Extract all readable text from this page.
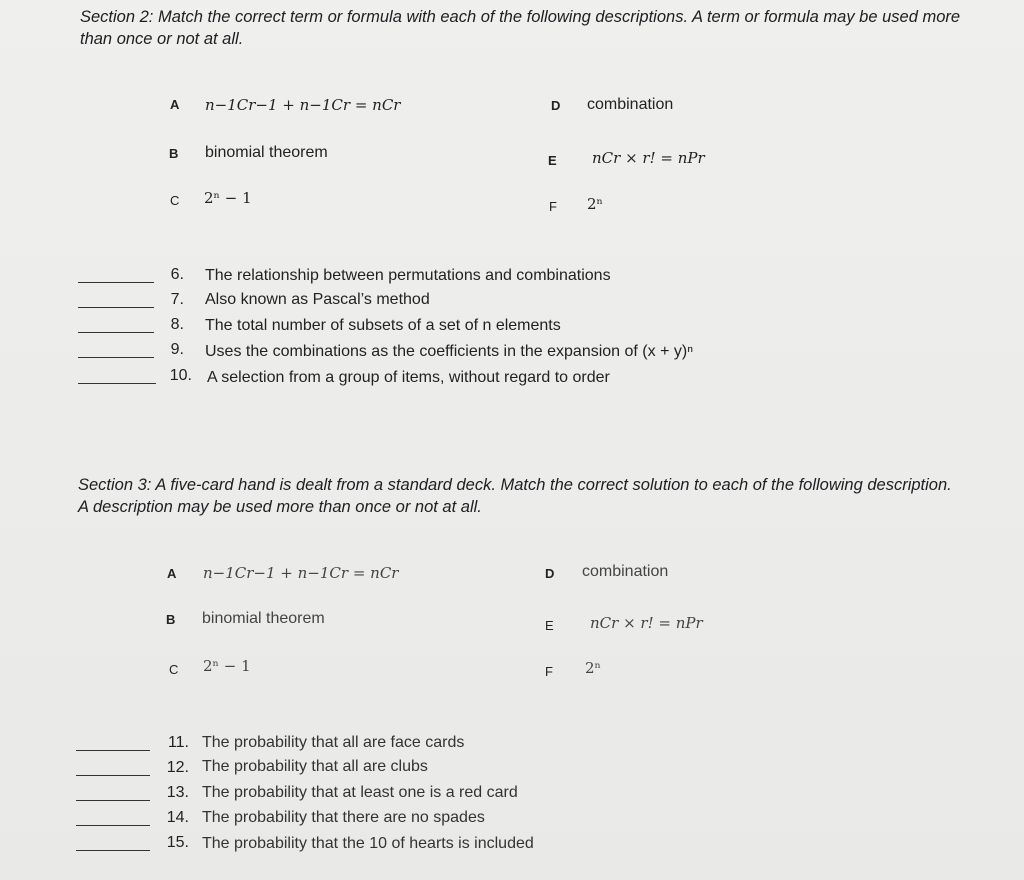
Section 2: Match the correct term or formula with each of the following descriptions. A term or formula may be used more than once or not at all.

A n−1Cr−1 + n−1Cr = nCr
B binomial theorem
C 2ⁿ − 1
D combination
E nCr × r! = nPr
F 2ⁿ
6. The relationship between permutations and combinations
7. Also known as Pascal’s method
8. The total number of subsets of a set of n elements
9. Uses the combinations as the coefficients in the expansion of (x + y)ⁿ
10. A selection from a group of items, without regard to order

Section 3: A five-card hand is dealt from a standard deck. Match the correct solution to each of the following description. A description may be used more than once or not at all.

A n−1Cr−1 + n−1Cr = nCr
B binomial theorem
C 2ⁿ − 1
D combination
E nCr × r! = nPr
F 2ⁿ
11. The probability that all are face cards
12. The probability that all are clubs
13. The probability that at least one is a red card
14. The probability that there are no spades
15. The probability that the 10 of hearts is included
